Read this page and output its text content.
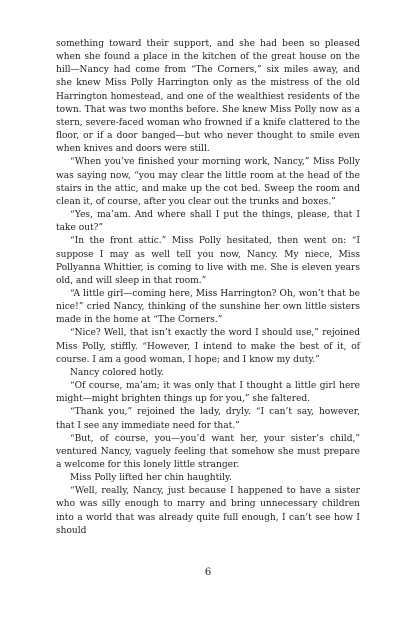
something toward their support, and she had been so pleased when she found a place in the kitchen of the great house on the hill—Nancy had come from “The Corners,” six miles away, and she knew Miss Polly Harrington only as the mistress of the old Harrington homestead, and one of the wealthiest residents of the town. That was two months before. She knew Miss Polly now as a stern, severe-faced woman who frowned if a knife clattered to the floor, or if a door banged—but who never thought to smile even when knives and doors were still.

“When you’ve finished your morning work, Nancy,” Miss Polly was saying now, “you may clear the little room at the head of the stairs in the attic, and make up the cot bed. Sweep the room and clean it, of course, after you clear out the trunks and boxes.”

“Yes, ma’am. And where shall I put the things, please, that I take out?”

“In the front attic.” Miss Polly hesitated, then went on: “I suppose I may as well tell you now, Nancy. My niece, Miss Pollyanna Whittier, is coming to live with me. She is eleven years old, and will sleep in that room.”

“A little girl—coming here, Miss Harrington? Oh, won’t that be nice!” cried Nancy, thinking of the sunshine her own little sisters made in the home at “The Corners.”

“Nice? Well, that isn’t exactly the word I should use,” rejoined Miss Polly, stiffly. “However, I intend to make the best of it, of course. I am a good woman, I hope; and I know my duty.”

Nancy colored hotly.

“Of course, ma’am; it was only that I thought a little girl here might—might brighten things up for you,” she faltered.

“Thank you,” rejoined the lady, dryly. “I can’t say, however, that I see any immediate need for that.”

“But, of course, you—you’d want her, your sister’s child,” ventured Nancy, vaguely feeling that somehow she must prepare a welcome for this lonely little stranger.

Miss Polly lifted her chin haughtily.

“Well, really, Nancy, just because I happened to have a sister who was silly enough to marry and bring unnecessary children into a world that was already quite full enough, I can’t see how I should

6
